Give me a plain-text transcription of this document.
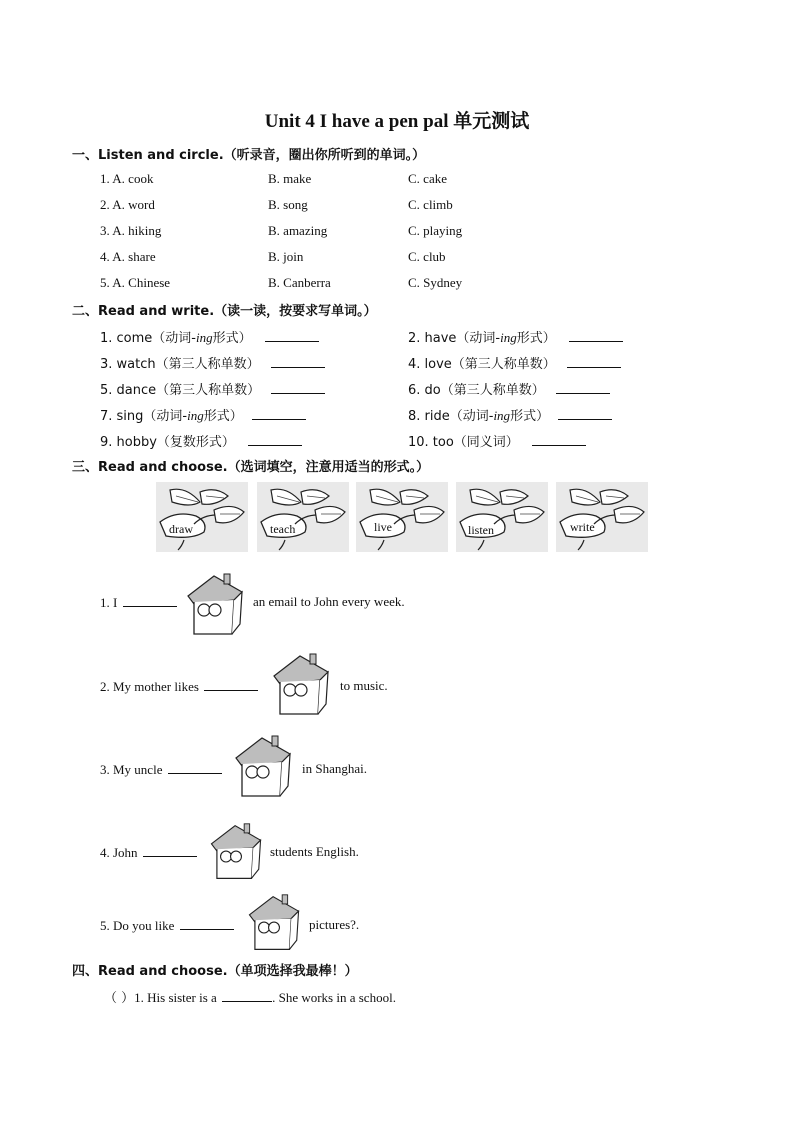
Unit 4 I have a pen pal 单元测试
一、Listen and circle.（听录音，圈出你所听到的单词。）
1. A. cook	B. make	C. cake
2. A. word	B. song	C. climb
3. A. hiking	B. amazing	C. playing
4. A. share	B. join	C. club
5. A. Chinese	B. Canberra	C. Sydney
二、Read and write.（读一读，按要求写单词。）
1. come（动词-ing形式）	2. have（动词-ing形式）
3. watch（第三人称单数）	4. love（第三人称单数）
5. dance（第三人称单数）	6. do（第三人称单数）
7. sing（动词-ing形式）	8. ride（动词-ing形式）
9. hobby（复数形式）	10. too（同义词）
三、Read and choose.（选词填空，注意用适当的形式。）
draw	teach	live	listen	write
1. I	an email to John every week.
2. My mother likes	to music.
3. My uncle	in Shanghai.
4. John	students English.
5. Do you like	pictures?.
四、Read and choose.（单项选择我最棒！）
（ ）1. His sister is a	. She works in a school.
